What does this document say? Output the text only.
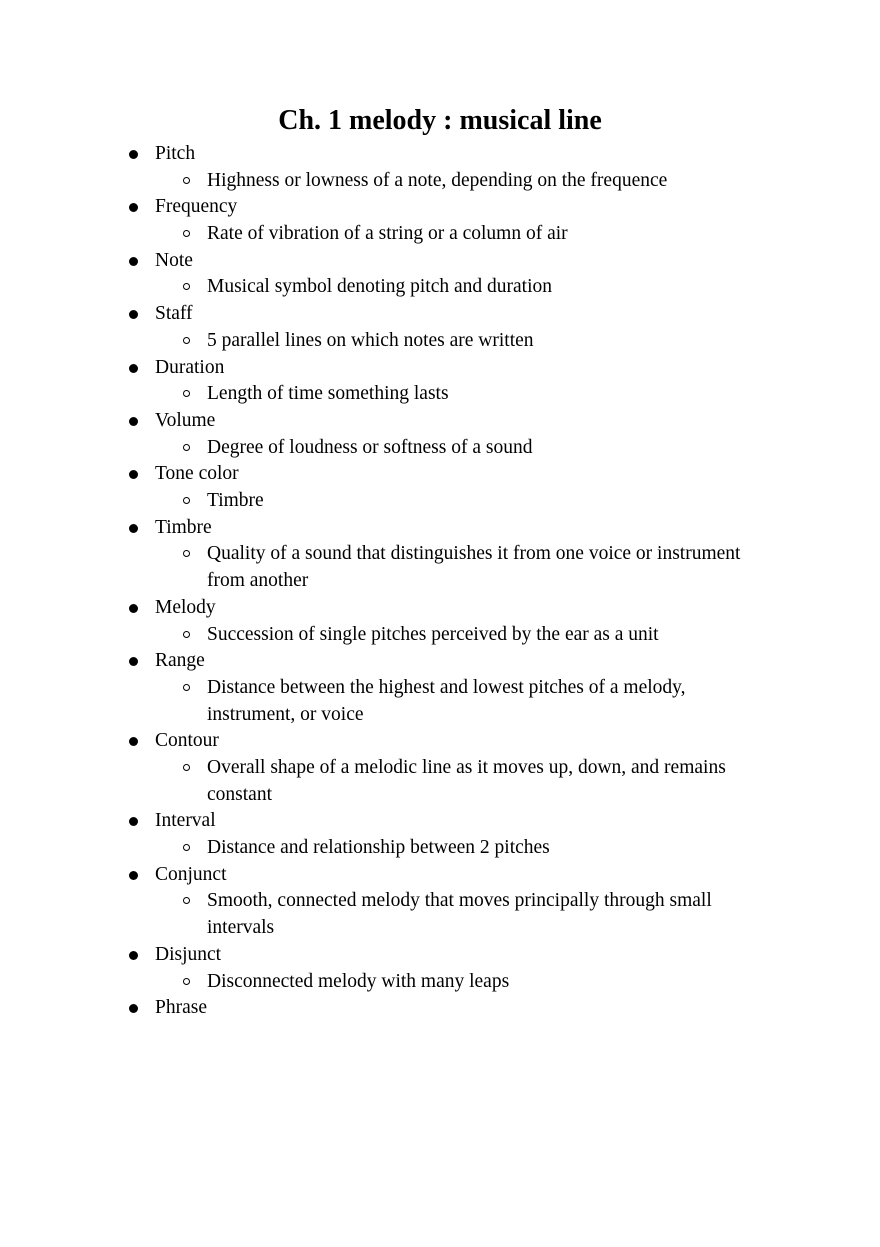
Ch. 1 melody : musical line
Pitch
Highness or lowness of a note, depending on the frequence
Frequency
Rate of vibration of a string or a column of air
Note
Musical symbol denoting pitch and duration
Staff
5 parallel lines on which notes are written
Duration
Length of time something lasts
Volume
Degree of loudness or softness of a sound
Tone color
Timbre
Timbre
Quality of a sound that distinguishes it from one voice or instrument from another
Melody
Succession of single pitches perceived by the ear as a unit
Range
Distance between the highest and lowest pitches of a melody, instrument, or voice
Contour
Overall shape of a melodic line as it moves up, down, and remains constant
Interval
Distance and relationship between 2 pitches
Conjunct
Smooth, connected melody that moves principally through small intervals
Disjunct
Disconnected melody with many leaps
Phrase
